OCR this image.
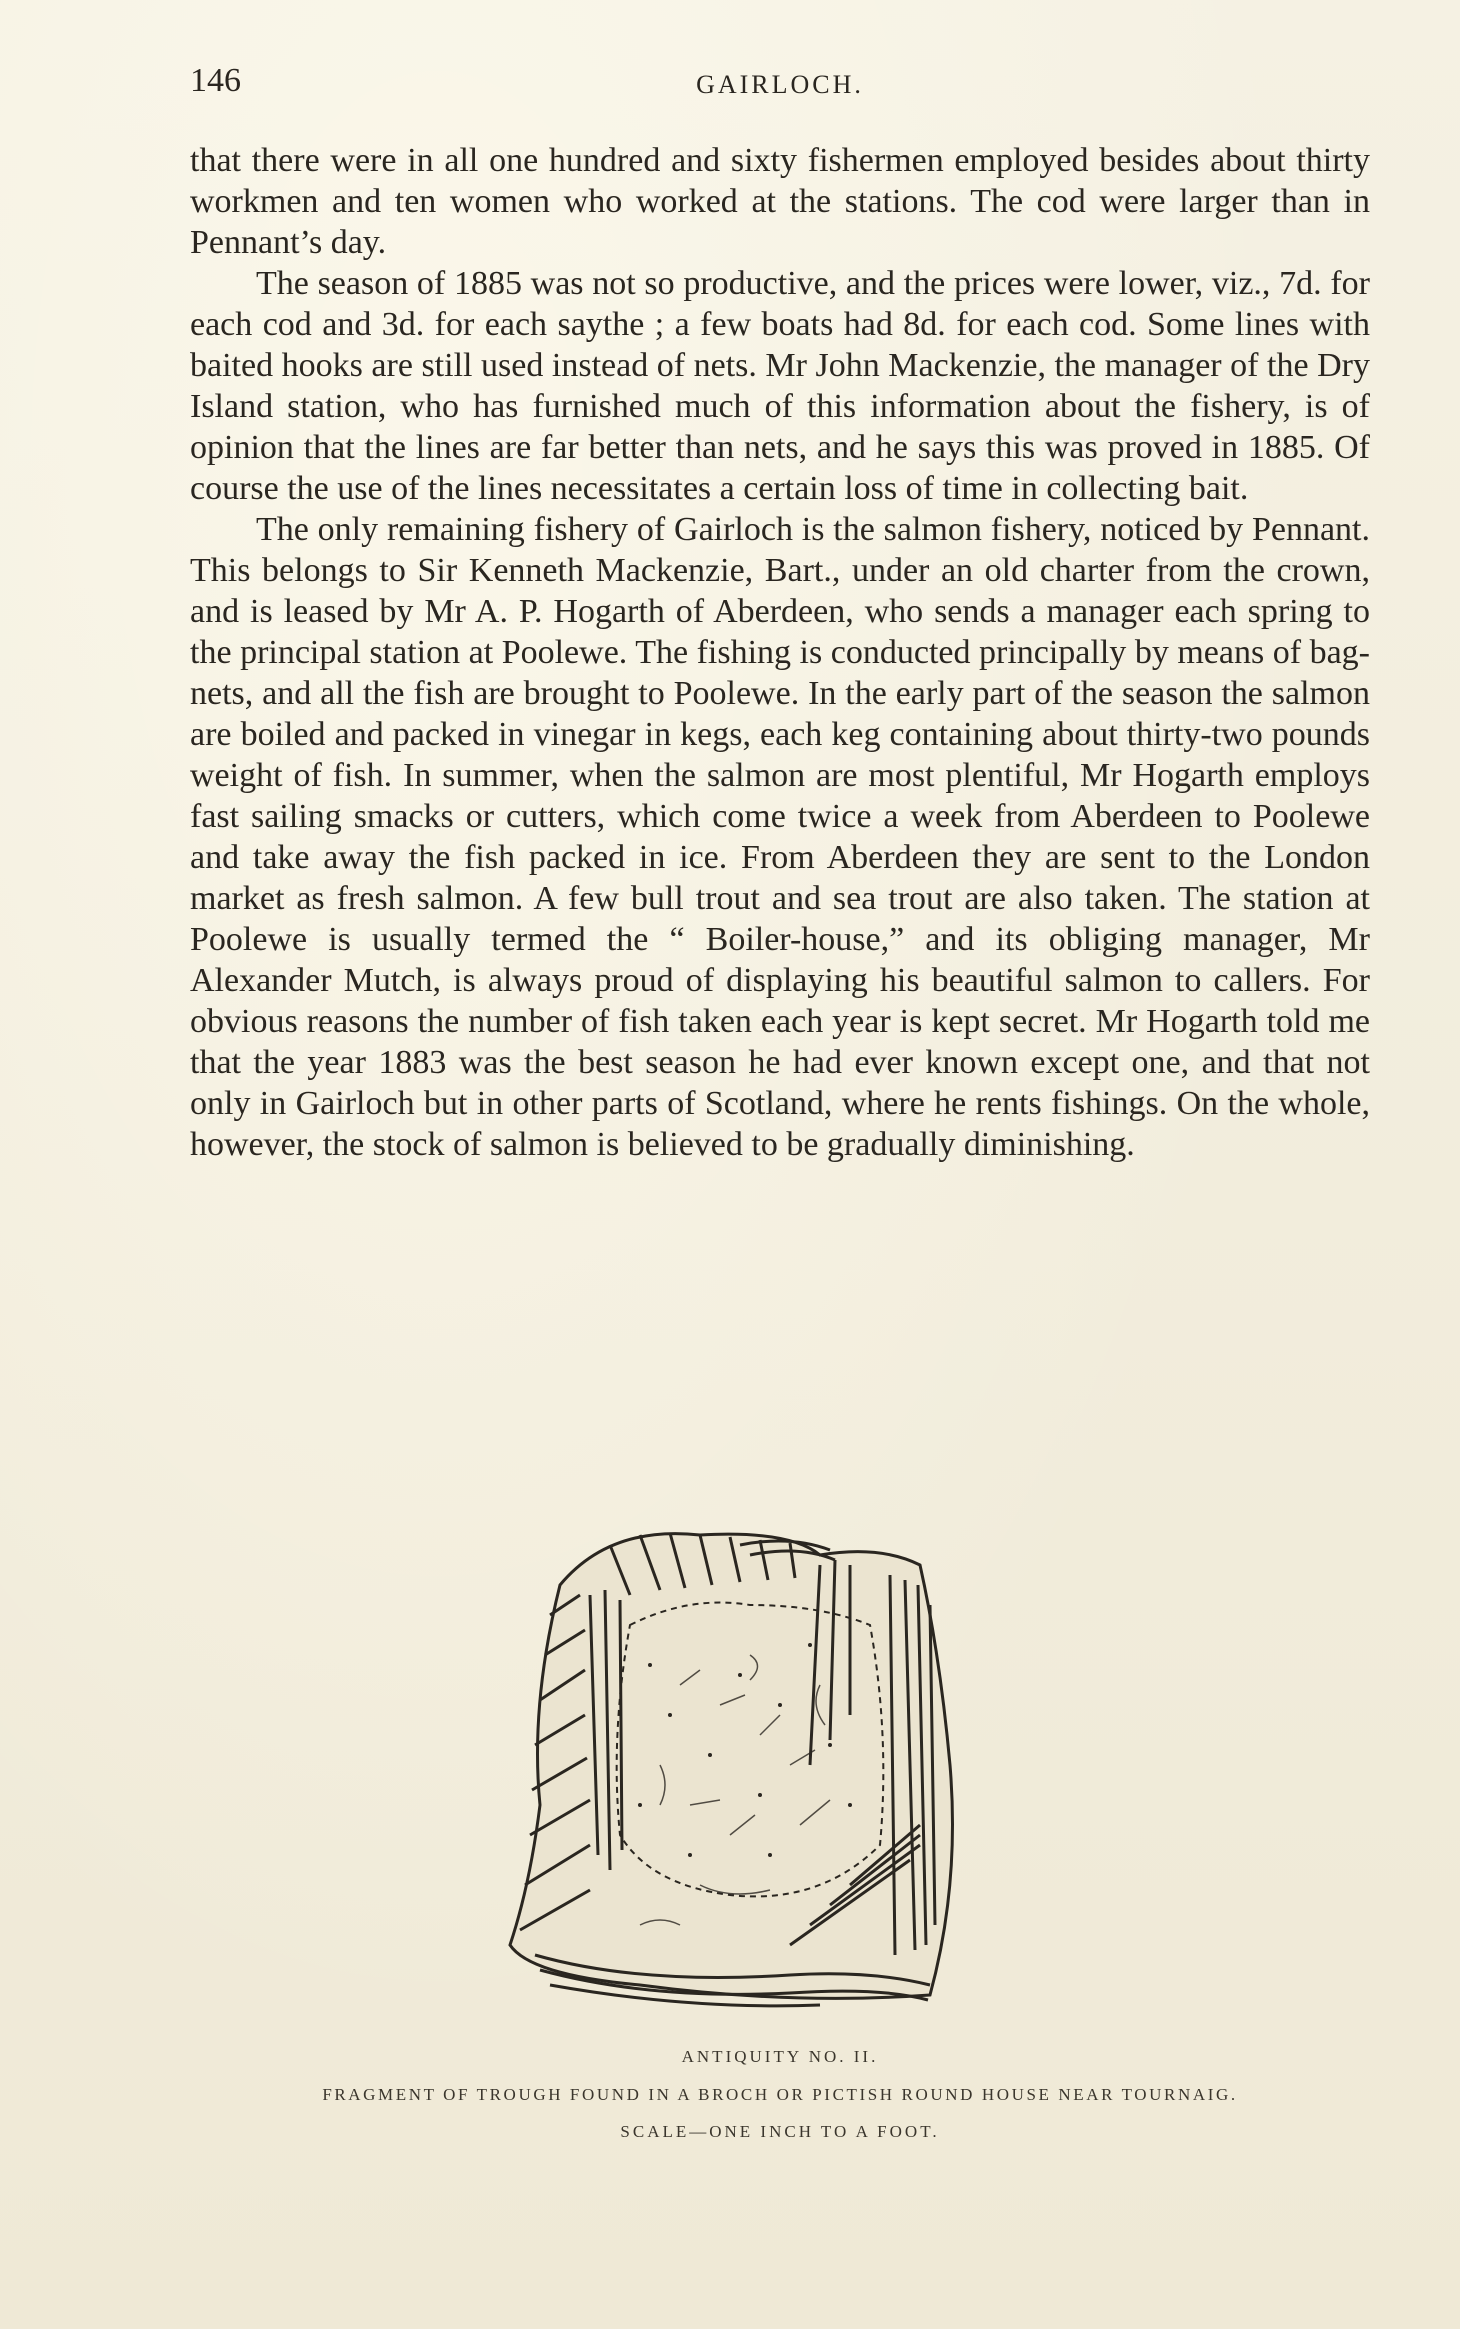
146	GAIRLOCH.

that there were in all one hundred and sixty fishermen employed besides about thirty workmen and ten women who worked at the stations. The cod were larger than in Pennant’s day.

The season of 1885 was not so productive, and the prices were lower, viz., 7d. for each cod and 3d. for each saythe ; a few boats had 8d. for each cod. Some lines with baited hooks are still used instead of nets. Mr John Mackenzie, the manager of the Dry Island station, who has furnished much of this information about the fishery, is of opinion that the lines are far better than nets, and he says this was proved in 1885. Of course the use of the lines necessitates a certain loss of time in collecting bait.

The only remaining fishery of Gairloch is the salmon fishery, noticed by Pennant. This belongs to Sir Kenneth Mackenzie, Bart., under an old charter from the crown, and is leased by Mr A. P. Hogarth of Aberdeen, who sends a manager each spring to the principal station at Poolewe. The fishing is conducted principally by means of bag-nets, and all the fish are brought to Poolewe. In the early part of the season the salmon are boiled and packed in vinegar in kegs, each keg containing about thirty-two pounds weight of fish. In summer, when the salmon are most plentiful, Mr Hogarth employs fast sailing smacks or cutters, which come twice a week from Aberdeen to Poolewe and take away the fish packed in ice. From Aberdeen they are sent to the London market as fresh salmon. A few bull trout and sea trout are also taken. The station at Poolewe is usually termed the “ Boiler-house,” and its obliging manager, Mr Alexander Mutch, is always proud of displaying his beautiful salmon to callers. For obvious reasons the number of fish taken each year is kept secret. Mr Hogarth told me that the year 1883 was the best season he had ever known except one, and that not only in Gairloch but in other parts of Scotland, where he rents fishings. On the whole, however, the stock of salmon is believed to be gradually diminishing.

ANTIQUITY NO. II.
FRAGMENT OF TROUGH FOUND IN A BROCH OR PICTISH ROUND HOUSE NEAR TOURNAIG.
SCALE—ONE INCH TO A FOOT.
